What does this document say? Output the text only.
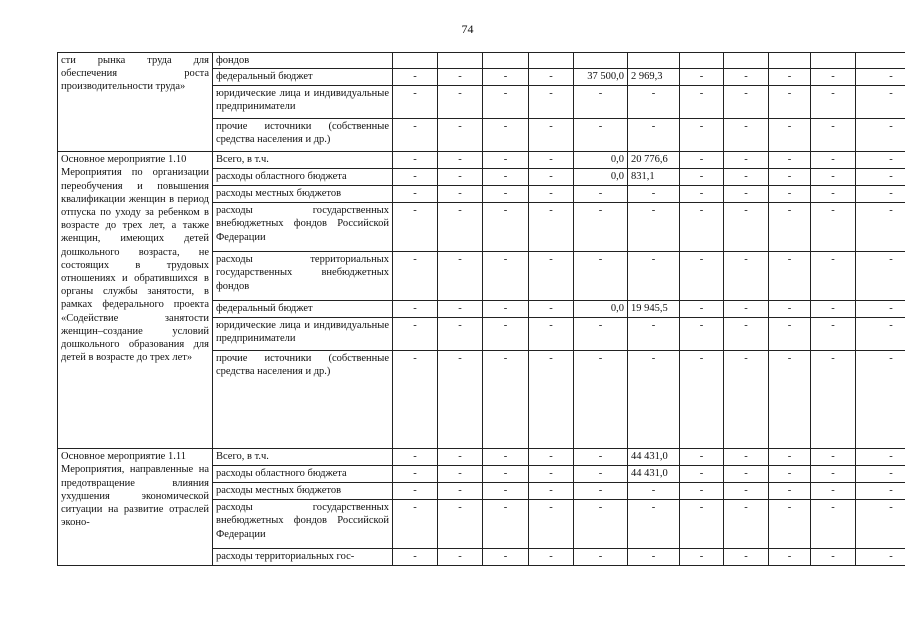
74
сти рынка труда для обеспечения роста производительности труда»	фондов											
	федеральный бюджет	-	-	-	-	37 500,0	2 969,3	-	-	-	-	-
	юридические лица и индивидуальные предприниматели	-	-	-	-	-	-	-	-	-	-	-
	прочие источники (собственные средства населения и др.)	-	-	-	-	-	-	-	-	-	-	-

Основное мероприятие 1.10
Мероприятия по организации переобучения и повышения квалификации женщин в период отпуска по уходу за ребенком в возрасте до трех лет, а также женщин, имеющих детей дошкольного возраста, не состоящих в трудовых отношениях и обратившихся в органы службы занятости, в рамках федерального проекта «Содействие занятости женщин–создание условий дошкольного образования для детей в возрасте до трех лет»	Всего, в т.ч.	-	-	-	-	0,0	20 776,6	-	-	-	-	-
	расходы областного бюджета	-	-	-	-	0,0	831,1	-	-	-	-	-
	расходы местных бюджетов	-	-	-	-	-	-	-	-	-	-	-
	расходы государственных внебюджетных фондов Российской Федерации	-	-	-	-	-	-	-	-	-	-	-
	расходы территориальных государственных внебюджетных фондов	-	-	-	-	-	-	-	-	-	-	-
	федеральный бюджет	-	-	-	-	0,0	19 945,5	-	-	-	-	-
	юридические лица и индивидуальные предприниматели	-	-	-	-	-	-	-	-	-	-	-
	прочие источники (собственные средства населения и др.)	-	-	-	-	-	-	-	-	-	-	-

Основное мероприятие 1.11
Мероприятия, направленные на предотвращение влияния ухудшения экономической ситуации на развитие отраслей эконо-	Всего, в т.ч.	-	-	-	-	-	44 431,0	-	-	-	-	-
	расходы областного бюджета	-	-	-	-	-	44 431,0	-	-	-	-	-
	расходы местных бюджетов	-	-	-	-	-	-	-	-	-	-	-
	расходы государственных внебюджетных фондов Российской Федерации	-	-	-	-	-	-	-	-	-	-	-
	расходы территориальных гос-	-	-	-	-	-	-	-	-	-	-	-
